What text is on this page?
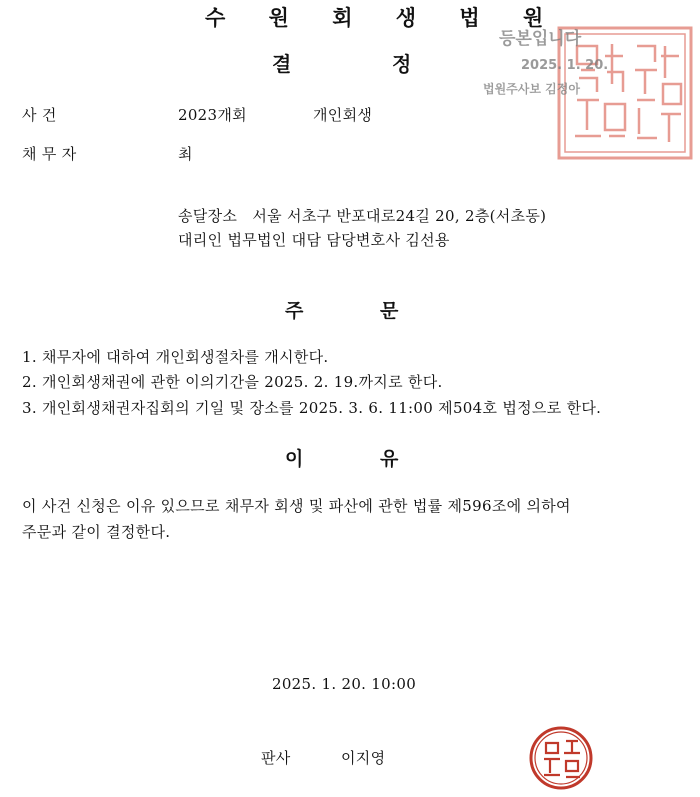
수 원 회 생 법 원
결	정
등본입니다
2025. 1. 20.
법원주사보 김정아
사 건	2023개회	개인회생
채 무 자	최
송달장소 서울 서초구 반포대로24길 20, 2층(서초동)
대리인 법무법인 대담 담당변호사 김선용
주	문
1. 채무자에 대하여 개인회생절차를 개시한다.
2. 개인회생채권에 관한 이의기간을 2025. 2. 19.까지로 한다.
3. 개인회생채권자집회의 기일 및 장소를 2025. 3. 6. 11:00 제504호 법정으로 한다.
이	유
이 사건 신청은 이유 있으므로 채무자 회생 및 파산에 관한 법률 제596조에 의하여
주문과 같이 결정한다.
2025. 1. 20. 10:00
판사	이지영
